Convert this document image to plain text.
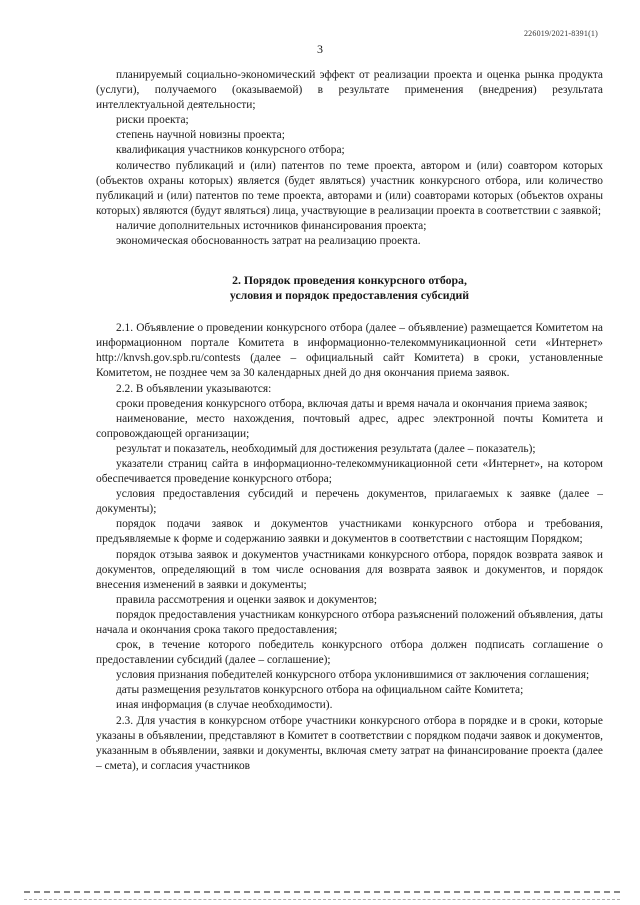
226019/2021-8391(1)
3

планируемый социально-экономический эффект от реализации проекта и оценка рынка продукта (услуги), получаемого (оказываемой) в результате применения (внедрения) результата интеллектуальной деятельности;

риски проекта;

степень научной новизны проекта;

квалификация участников конкурсного отбора;

количество публикаций и (или) патентов по теме проекта, автором и (или) соавтором которых (объектов охраны которых) является (будет являться) участник конкурсного отбора, или количество публикаций и (или) патентов по теме проекта, авторами и (или) соавторами которых (объектов охраны которых) являются (будут являться) лица, участвующие в реализации проекта в соответствии с заявкой;

наличие дополнительных источников финансирования проекта;

экономическая обоснованность затрат на реализацию проекта.

2. Порядок проведения конкурсного отбора,
условия и порядок предоставления субсидий

2.1. Объявление о проведении конкурсного отбора (далее – объявление) размещается Комитетом на информационном портале Комитета в информационно-телекоммуникационной сети «Интернет» http://knvsh.gov.spb.ru/contests (далее – официальный сайт Комитета) в сроки, установленные Комитетом, не позднее чем за 30 календарных дней до дня окончания приема заявок.

2.2. В объявлении указываются:

сроки проведения конкурсного отбора, включая даты и время начала и окончания приема заявок;

наименование, место нахождения, почтовый адрес, адрес электронной почты Комитета и сопровождающей организации;

результат и показатель, необходимый для достижения результата (далее – показатель);

указатели страниц сайта в информационно-телекоммуникационной сети «Интернет», на котором обеспечивается проведение конкурсного отбора;

условия предоставления субсидий и перечень документов, прилагаемых к заявке (далее – документы);

порядок подачи заявок и документов участниками конкурсного отбора и требования, предъявляемые к форме и содержанию заявки и документов в соответствии с настоящим Порядком;

порядок отзыва заявок и документов участниками конкурсного отбора, порядок возврата заявок и документов, определяющий в том числе основания для возврата заявок и документов, и порядок внесения изменений в заявки и документы;

правила рассмотрения и оценки заявок и документов;

порядок предоставления участникам конкурсного отбора разъяснений положений объявления, даты начала и окончания срока такого предоставления;

срок, в течение которого победитель конкурсного отбора должен подписать соглашение о предоставлении субсидий (далее – соглашение);

условия признания победителей конкурсного отбора уклонившимися от заключения соглашения;

даты размещения результатов конкурсного отбора на официальном сайте Комитета;

иная информация (в случае необходимости).

2.3. Для участия в конкурсном отборе участники конкурсного отбора в порядке и в сроки, которые указаны в объявлении, представляют в Комитет в соответствии с порядком подачи заявок и документов, указанным в объявлении, заявки и документы, включая смету затрат на финансирование проекта (далее – смета), и согласия участников
